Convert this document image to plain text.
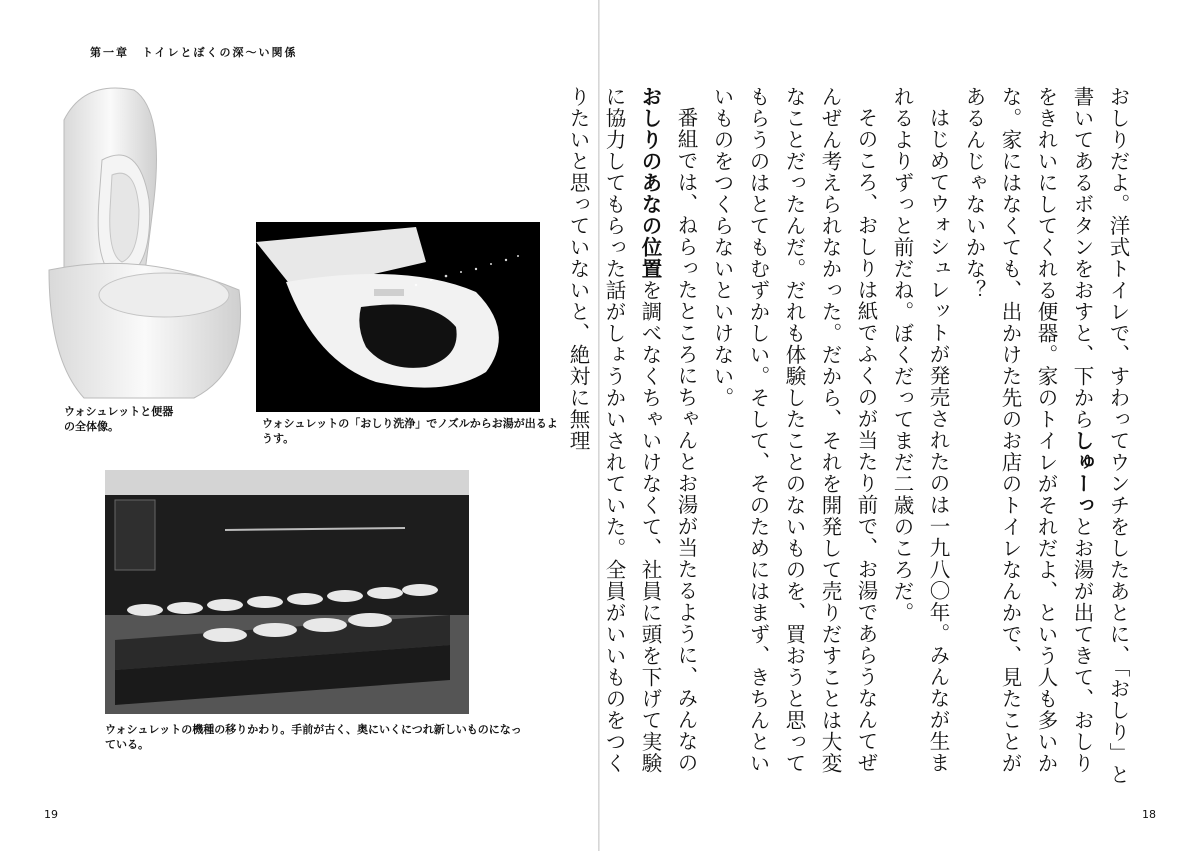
第一章　トイレとぼくの深～い関係
ウォシュレットと便器の全体像。	ウォシュレットの「おしり洗浄」でノズルからお湯が出るようす。
ウォシュレットの機種の移りかわり。手前が古く、奥にいくにつれ新しいものになっている。
19	18

おしりだよ。洋式トイレで、すわってウンチをしたあとに、「おしり」と書いてあるボタンをおすと、下からしゅーっとお湯が出てきて、おしりをきれいにしてくれる便器。家のトイレがそれだよ、という人も多いかな。家にはなくても、出かけた先のお店のトイレなんかで、見たことがあるんじゃないかな？

はじめてウォシュレットが発売されたのは一九八〇年。みんなが生まれるよりずっと前だね。ぼくだってまだ二歳のころだ。

そのころ、おしりは紙でふくのが当たり前で、お湯であらうなんてぜんぜん考えられなかった。だから、それを開発して売りだすことは大変なことだったんだ。だれも体験したことのないものを、買おうと思ってもらうのはとてもむずかしい。そして、そのためにはまず、きちんといいものをつくらないといけない。

番組では、ねらったところにちゃんとお湯が当たるように、みんなのおしりのあなの位置を調べなくちゃいけなくて、社員に頭を下げて実験に協力してもらった話がしょうかいされていた。全員がいいものをつくりたいと思っていないと、絶対に無理
